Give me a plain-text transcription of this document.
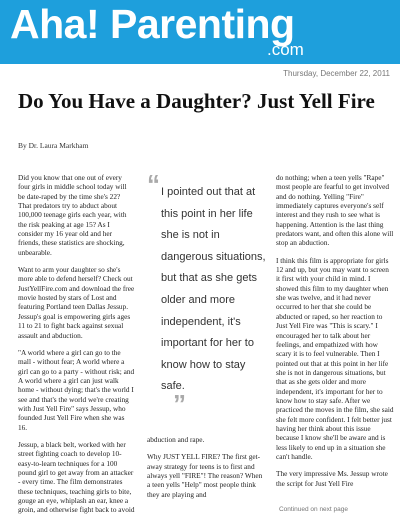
Aha! Parenting
.com
Thursday, December 22, 2011
Do You Have a Daughter? Just Yell Fire
By Dr. Laura Markham

Did you know that one out of every four girls in middle school today will be date-raped by the time she's 22? That predators try to abduct about 100,000 teenage girls each year, with the risk peaking at age 15? As I consider my 16 year old and her friends, these statistics are shocking, unbearable.

Want to arm your daughter so she's more able to defend herself? Check out JustYellFire.com and download the free movie hosted by stars of Lost and featuring Portland teen Dallas Jessup. Jessup's goal is empowering girls ages 11 to 21 to fight back against sexual assault and abduction.

"A world where a girl can go to the mall - without fear; A world where a girl can go to a party - without risk; and A world where a girl can just walk home - without dying; that's the world I see and that's the world we're creating with Just Yell Fire" says Jessup, who founded Just Yell Fire when she was 16.

Jessup, a black belt, worked with her street fighting coach to develop 10-easy-to-learn techniques for a 100 pound girl to get away from an attacker - every time. The film demonstrates these techniques, teaching girls to bite, gouge an eye, whiplash an ear, knee a groin, and otherwise fight back to avoid

“ I pointed out that at this point in her life she is not in dangerous situations, but that as she gets older and more independent, it's important for her to know how to stay safe.
”

abduction and rape.

Why JUST YELL FIRE? The first get-away strategy for teens is to first and always yell "FIRE"! The reason? When a teen yells "Help" most people think they are playing and

do nothing; when a teen yells "Rape" most people are fearful to get involved and do nothing. Yelling "Fire" immediately captures everyone's self interest and they rush to see what is happening. Attention is the last thing predators want, and often this alone will stop an abduction.

I think this film is appropriate for girls 12 and up, but you may want to screen it first with your child in mind. I showed this film to my daughter when she was twelve, and it had never occurred to her that she could be abducted or raped, so her reaction to Just Yell Fire was "This is scary." I encouraged her to talk about her feelings, and empathized with how scary it is to feel vulnerable. Then I pointed out that at this point in her life she is not in dangerous situations, but that as she gets older and more independent, it's important for her to know how to stay safe. After we practiced the moves in the film, she said she felt more confident. I felt better just having her think about this issue because I know she'll be aware and is less likely to end up in a situation she can't handle.

The very impressive Ms. Jessup wrote the script for Just Yell Fire

Continued on next page
